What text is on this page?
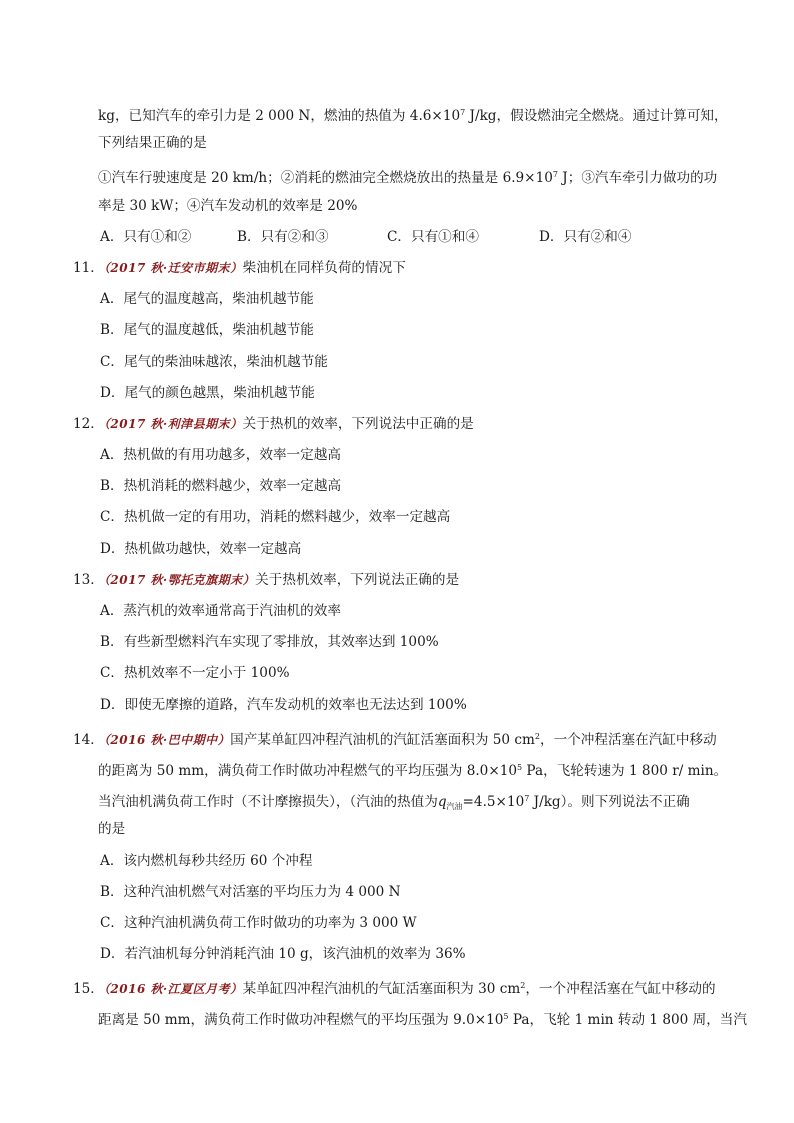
kg，已知汽车的牵引力是 2 000 N，燃油的热值为 $4.6\times 10^7$ J/kg，假设燃油完全燃烧。通过计算可知，
下列结果正确的是
①汽车行驶速度是 20 km/h；②消耗的燃油完全燃烧放出的热量是 $6.9\times 10^7$ J；③汽车牵引力做功的功
率是 30 kW；④汽车发动机的效率是 20%
A．只有①和②	B．只有②和③	C．只有①和④	D．只有②和④
11．（2017 秋·迁安市期末）柴油机在同样负荷的情况下
A．尾气的温度越高，柴油机越节能
B．尾气的温度越低，柴油机越节能
C．尾气的柴油味越浓，柴油机越节能
D．尾气的颜色越黑，柴油机越节能
12．（2017 秋·利津县期末）关于热机的效率，下列说法中正确的是
A．热机做的有用功越多，效率一定越高
B．热机消耗的燃料越少，效率一定越高
C．热机做一定的有用功，消耗的燃料越少，效率一定越高
D．热机做功越快，效率一定越高
13．（2017 秋·鄂托克旗期末）关于热机效率，下列说法正确的是
A．蒸汽机的效率通常高于汽油机的效率
B．有些新型燃料汽车实现了零排放，其效率达到 100%
C．热机效率不一定小于 100%
D．即使无摩擦的道路，汽车发动机的效率也无法达到 100%
14．（2016 秋·巴中期中）国产某单缸四冲程汽油机的汽缸活塞面积为 50 $cm^2$，一个冲程活塞在汽缸中移动
的距离为 50 mm，满负荷工作时做功冲程燃气的平均压强为 $8.0\times 10^5$ Pa，飞轮转速为 1 800 r/ min。
当汽油机满负荷工作时（不计摩擦损失），（汽油的热值为$q_{汽油}=4.5\times 10^7$ J/kg）。则下列说法不正确
的是
A．该内燃机每秒共经历 60 个冲程
B．这种汽油机燃气对活塞的平均压力为 4 000 N
C．这种汽油机满负荷工作时做功的功率为 3 000 W
D．若汽油机每分钟消耗汽油 10 g，该汽油机的效率为 36%
15．（2016 秋·江夏区月考）某单缸四冲程汽油机的气缸活塞面积为 30 $cm^2$，一个冲程活塞在气缸中移动的
距离是 50 mm，满负荷工作时做功冲程燃气的平均压强为 $9.0\times 10^5$ Pa，飞轮 1 min 转动 1 800 周，当汽
